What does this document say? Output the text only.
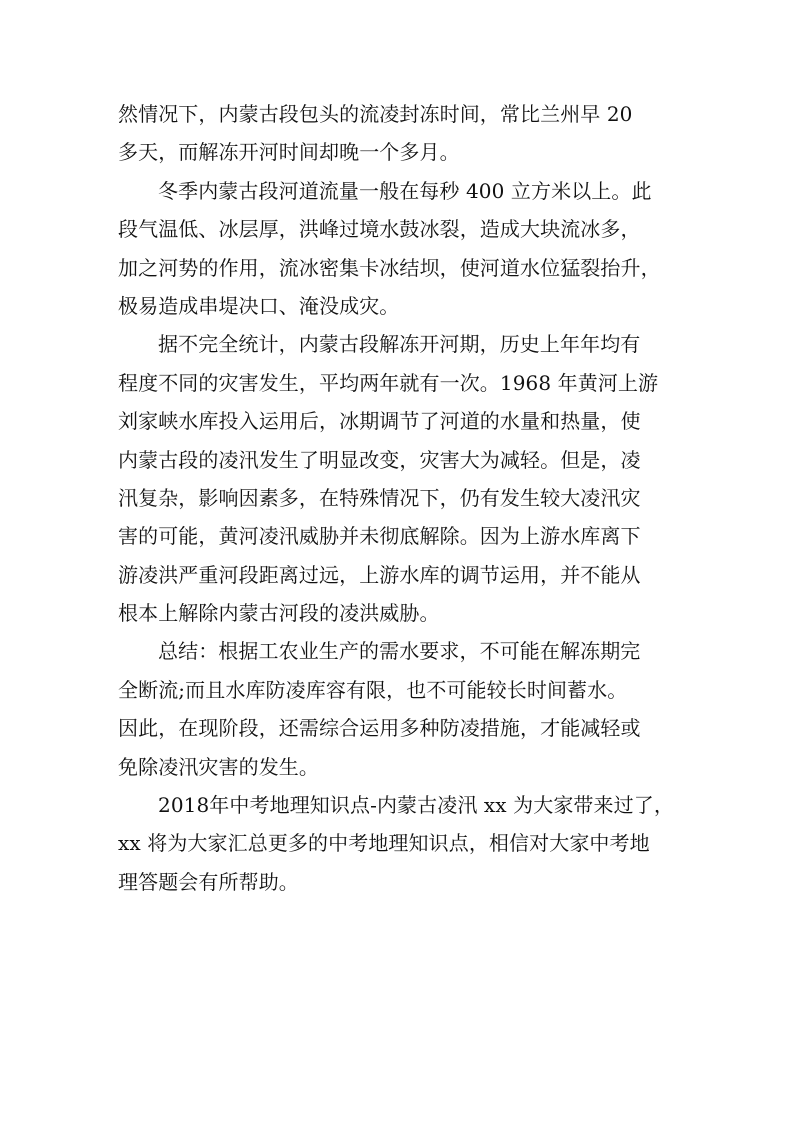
然情况下，内蒙古段包头的流凌封冻时间，常比兰州早 20
多天，而解冻开河时间却晚一个多月。

冬季内蒙古段河道流量一般在每秒 400 立方米以上。此
段气温低、冰层厚，洪峰过境水鼓冰裂，造成大块流冰多，
加之河势的作用，流冰密集卡冰结坝，使河道水位猛裂抬升，
极易造成串堤决口、淹没成灾。

据不完全统计，内蒙古段解冻开河期，历史上年年均有
程度不同的灾害发生，平均两年就有一次。1968 年黄河上游
刘家峡水库投入运用后，冰期调节了河道的水量和热量，使
内蒙古段的凌汛发生了明显改变，灾害大为减轻。但是，凌
汛复杂，影响因素多，在特殊情况下，仍有发生较大凌汛灾
害的可能，黄河凌汛威胁并未彻底解除。因为上游水库离下
游凌洪严重河段距离过远，上游水库的调节运用，并不能从
根本上解除内蒙古河段的凌洪威胁。

总结：根据工农业生产的需水要求，不可能在解冻期完
全断流;而且水库防凌库容有限，也不可能较长时间蓄水。
因此，在现阶段，还需综合运用多种防凌措施，才能减轻或
免除凌汛灾害的发生。

2018年中考地理知识点-内蒙古凌汛 xx 为大家带来过了，
xx 将为大家汇总更多的中考地理知识点，相信对大家中考地
理答题会有所帮助。
